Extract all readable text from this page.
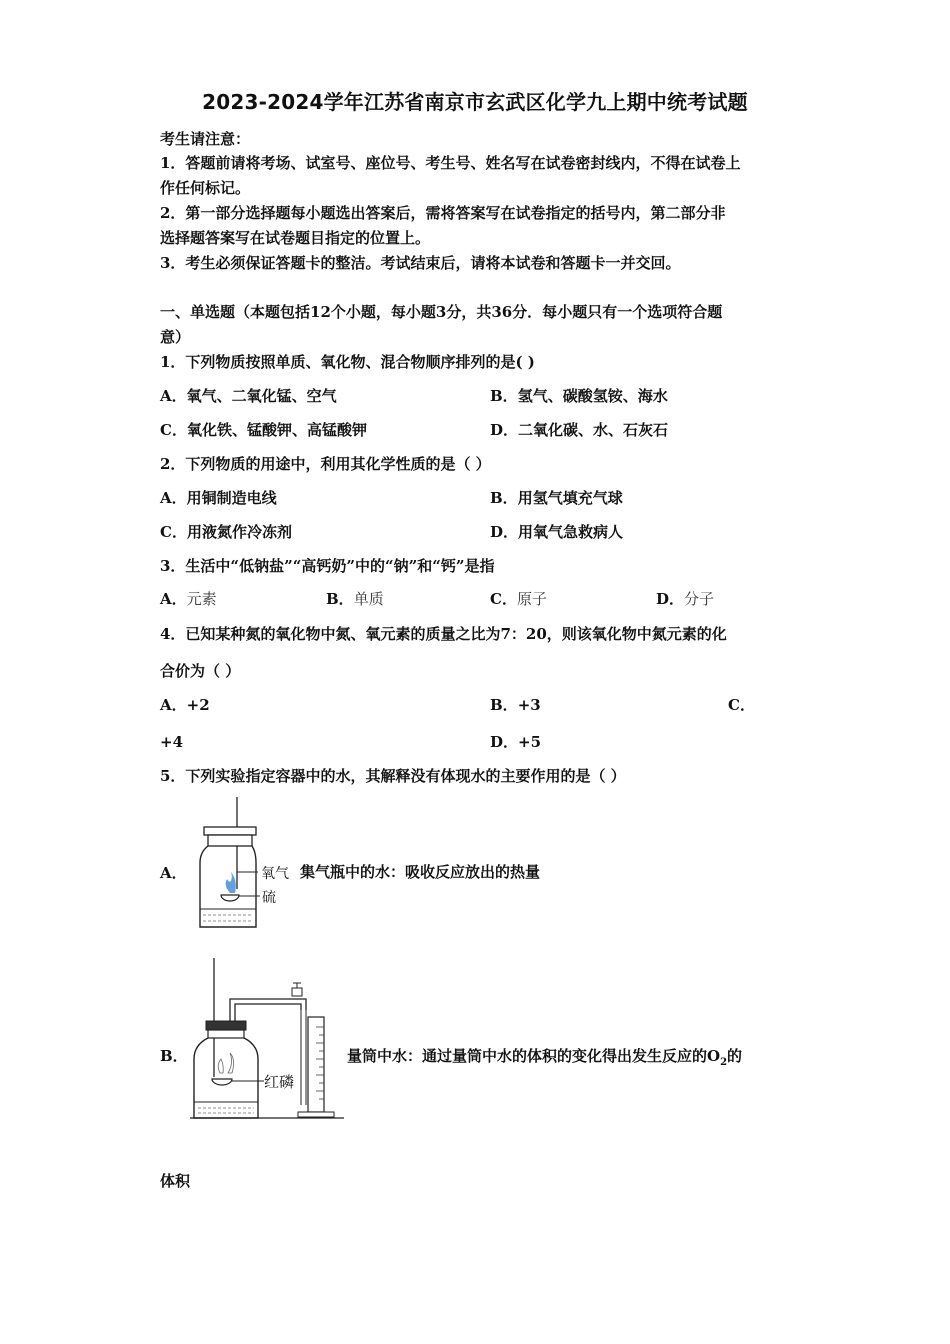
2023-2024学年江苏省南京市玄武区化学九上期中统考试题
考生请注意：
1．答题前请将考场、试室号、座位号、考生号、姓名写在试卷密封线内，不得在试卷上
作任何标记。
2．第一部分选择题每小题选出答案后，需将答案写在试卷指定的括号内，第二部分非
选择题答案写在试卷题目指定的位置上。
3．考生必须保证答题卡的整洁。考试结束后，请将本试卷和答题卡一并交回。
一、单选题（本题包括12个小题，每小题3分，共36分．每小题只有一个选项符合题
意）
1．下列物质按照单质、氧化物、混合物顺序排列的是( )
A．氧气、二氧化锰、空气	B．氢气、碳酸氢铵、海水
C．氧化铁、锰酸钾、高锰酸钾	D．二氧化碳、水、石灰石
2．下列物质的用途中，利用其化学性质的是（ ）
A．用铜制造电线	B．用氢气填充气球
C．用液氮作冷冻剂	D．用氧气急救病人
3．生活中“低钠盐”“高钙奶”中的“钠”和“钙”是指
A．元素	B．单质	C．原子	D．分子
4．已知某种氮的氧化物中氮、氧元素的质量之比为7：20，则该氧化物中氮元素的化
合价为（ ）
A．+2	B．+3	C．
+4	D．+5
5．下列实验指定容器中的水，其解释没有体现水的主要作用的是（ ）
A．	氧气
硫
集气瓶中的水：吸收反应放出的热量
B．
红磷
量筒中水：通过量筒中水的体积的变化得出发生反应的$O_2$的
体积
